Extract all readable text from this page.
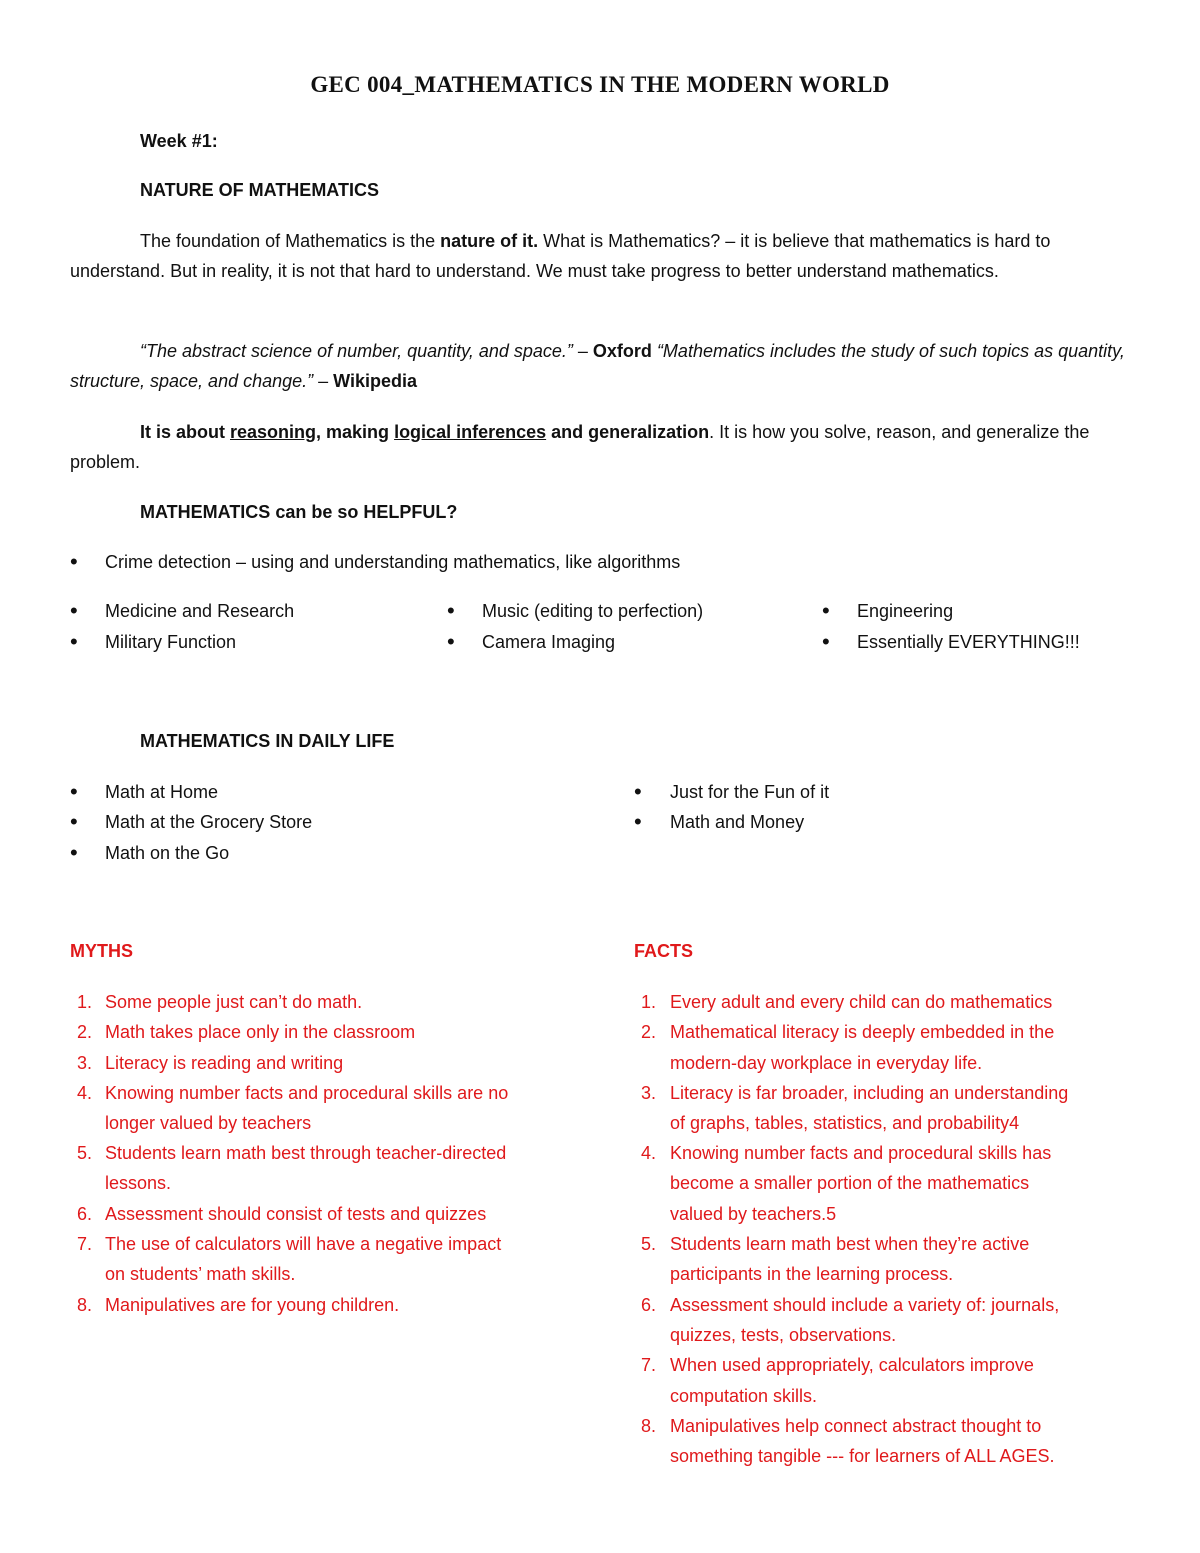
GEC 004_MATHEMATICS IN THE MODERN WORLD
Week #1:
NATURE OF MATHEMATICS
The foundation of Mathematics is the nature of it. What is Mathematics? – it is believe that mathematics is hard to understand. But in reality, it is not that hard to understand. We must take progress to better understand mathematics.
“The abstract science of number, quantity, and space.” – Oxford “Mathematics includes the study of such topics as quantity, structure, space, and change.” – Wikipedia
It is about reasoning, making logical inferences and generalization. It is how you solve, reason, and generalize the problem.
MATHEMATICS can be so HELPFUL?
• Crime detection – using and understanding mathematics, like algorithms
• Medicine and Research
• Military Function
• Music (editing to perfection)
• Camera Imaging
• Engineering
• Essentially EVERYTHING!!!
MATHEMATICS IN DAILY LIFE
• Math at Home
• Math at the Grocery Store
• Math on the Go
• Just for the Fun of it
• Math and Money
MYTHS	FACTS
1. Some people just can’t do math.
2. Math takes place only in the classroom
3. Literacy is reading and writing
4. Knowing number facts and procedural skills are no
longer valued by teachers
5. Students learn math best through teacher-directed
lessons.
6. Assessment should consist of tests and quizzes
7. The use of calculators will have a negative impact
on students’ math skills.
8. Manipulatives are for young children.
1. Every adult and every child can do mathematics
2. Mathematical literacy is deeply embedded in the
modern-day workplace in everyday life.
3. Literacy is far broader, including an understanding
of graphs, tables, statistics, and probability4
4. Knowing number facts and procedural skills has
become a smaller portion of the mathematics
valued by teachers.5
5. Students learn math best when they’re active
participants in the learning process.
6. Assessment should include a variety of: journals,
quizzes, tests, observations.
7. When used appropriately, calculators improve
computation skills.
8. Manipulatives help connect abstract thought to
something tangible --- for learners of ALL AGES.
